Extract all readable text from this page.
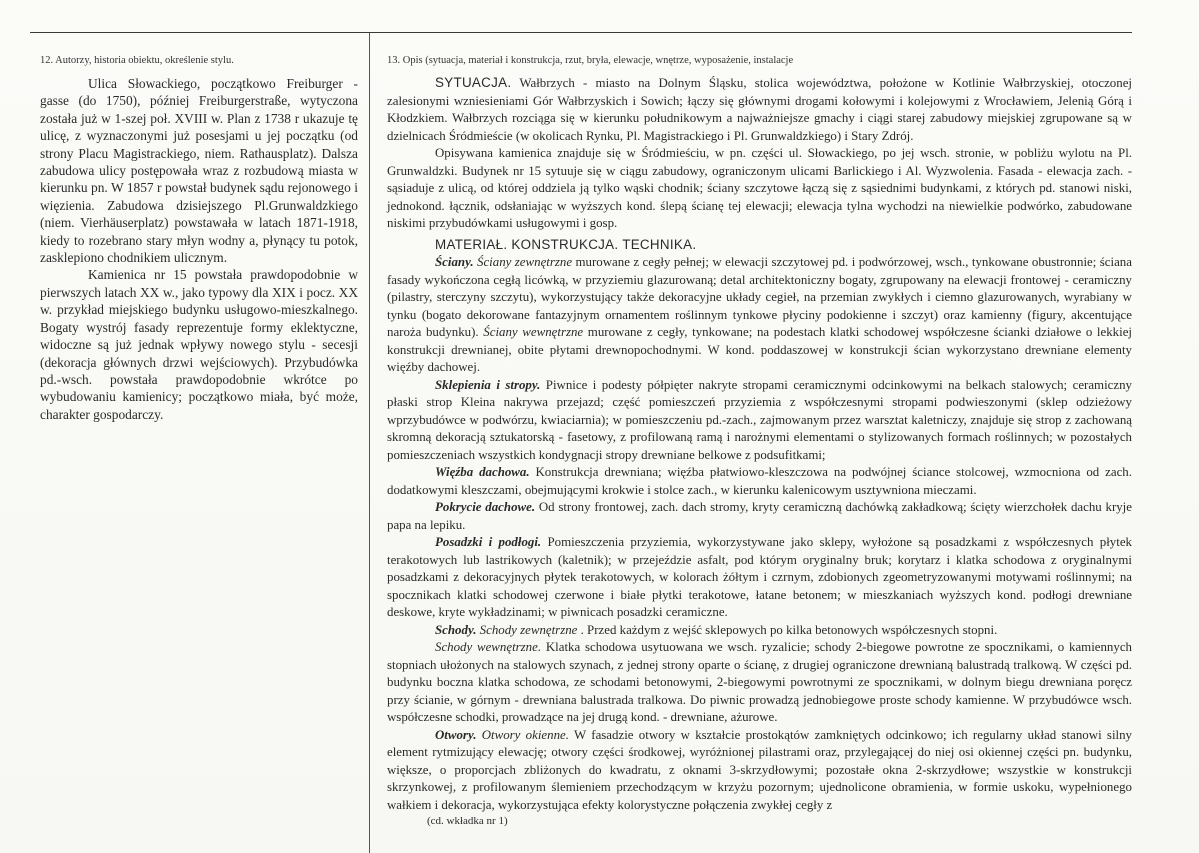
12. Autorzy, historia obiektu, określenie stylu.

Ulica Słowackiego, początkowo Freiburger - gasse (do 1750), później Freiburgerstraße, wytyczona została już w 1-szej poł. XVIII w. Plan z 1738 r ukazuje tę ulicę, z wyznaczonymi już posesjami u jej początku (od strony Placu Magistrackiego, niem. Rathausplatz). Dalsza zabudowa ulicy postępowała wraz z rozbudową miasta w kierunku pn. W 1857 r powstał budynek sądu rejonowego i więzienia. Zabudowa dzisiejszego Pl.Grunwaldzkiego (niem. Vierhäuserplatz) powstawała w latach 1871-1918, kiedy to rozebrano stary młyn wodny a, płynący tu potok, zasklepiono chodnikiem ulicznym.

Kamienica nr 15 powstała prawdopodobnie w pierwszych latach XX w., jako typowy dla XIX i pocz. XX w. przykład miejskiego budynku usługowo-mieszkalnego. Bogaty wystrój fasady reprezentuje formy eklektyczne, widoczne są już jednak wpływy nowego stylu - secesji (dekoracja głównych drzwi wejściowych). Przybudówka pd.-wsch. powstała prawdopodobnie wkrótce po wybudowaniu kamienicy; początkowo miała, być może, charakter gospodarczy.

13. Opis (sytuacja, materiał i konstrukcja, rzut, bryła, elewacje, wnętrze, wyposażenie, instalacje

SYTUACJA. Wałbrzych - miasto na Dolnym Śląsku, stolica województwa, położone w Kotlinie Wałbrzyskiej, otoczonej zalesionymi wzniesieniami Gór Wałbrzyskich i Sowich; łączy się głównymi drogami kołowymi i kolejowymi z Wrocławiem, Jelenią Górą i Kłodzkiem. Wałbrzych rozciąga się w kierunku południkowym a najważniejsze gmachy i ciągi starej zabudowy miejskiej zgrupowane są w dzielnicach Śródmieście (w okolicach Rynku, Pl. Magistrackiego i Pl. Grunwaldzkiego) i Stary Zdrój.

Opisywana kamienica znajduje się w Śródmieściu, w pn. części ul. Słowackiego, po jej wsch. stronie, w pobliżu wylotu na Pl. Grunwaldzki. Budynek nr 15 sytuuje się w ciągu zabudowy, ograniczonym ulicami Barlickiego i Al. Wyzwolenia. Fasada - elewacja zach. - sąsiaduje z ulicą, od której oddziela ją tylko wąski chodnik; ściany szczytowe łączą się z sąsiednimi budynkami, z których pd. stanowi niski, jednokond. łącznik, odsłaniając w wyższych kond. ślepą ścianę tej elewacji; elewacja tylna wychodzi na niewielkie podwórko, zabudowane niskimi przybudówkami usługowymi i gosp.

MATERIAŁ. KONSTRUKCJA. TECHNIKA.

Ściany. Ściany zewnętrzne murowane z cegły pełnej; w elewacji szczytowej pd. i podwórzowej, wsch., tynkowane obustronnie; ściana fasady wykończona cegłą licówką, w przyziemiu glazurowaną; detal architektoniczny bogaty, zgrupowany na elewacji frontowej - ceramiczny (pilastry, sterczyny szczytu), wykorzystujący także dekoracyjne układy cegieł, na przemian zwykłych i ciemno glazurowanych, wyrabiany w tynku (bogato dekorowane fantazyjnym ornamentem roślinnym tynkowe płyciny podokienne i szczyt) oraz kamienny (figury, akcentujące naroża budynku). Ściany wewnętrzne murowane z cegły, tynkowane; na podestach klatki schodowej współczesne ścianki działowe o lekkiej konstrukcji drewnianej, obite płytami drewnopochodnymi. W kond. poddaszowej w konstrukcji ścian wykorzystano drewniane elementy więźby dachowej.

Sklepienia i stropy. Piwnice i podesty półpięter nakryte stropami ceramicznymi odcinkowymi na belkach stalowych; ceramiczny płaski strop Kleina nakrywa przejazd; część pomieszczeń przyziemia z współczesnymi stropami podwieszonymi (sklep odzieżowy wprzybudówce w podwórzu, kwiaciarnia); w pomieszczeniu pd.-zach., zajmowanym przez warsztat kaletniczy, znajduje się strop z zachowaną skromną dekoracją sztukatorską - fasetowy, z profilowaną ramą i narożnymi elementami o stylizowanych formach roślinnych; w pozostałych pomieszczeniach wszystkich kondygnacji stropy drewniane belkowe z podsufitkami;

Więźba dachowa. Konstrukcja drewniana; więźba płatwiowo-kleszczowa na podwójnej ściance stolcowej, wzmocniona od zach. dodatkowymi kleszczami, obejmującymi krokwie i stolce zach., w kierunku kalenicowym usztywniona mieczami.

Pokrycie dachowe. Od strony frontowej, zach. dach stromy, kryty ceramiczną dachówką zakładkową; ścięty wierzchołek dachu kryje papa na lepiku.

Posadzki i podłogi. Pomieszczenia przyziemia, wykorzystywane jako sklepy, wyłożone są posadzkami z współczesnych płytek terakotowych lub lastrikowych (kaletnik); w przejeździe asfalt, pod którym oryginalny bruk; korytarz i klatka schodowa z oryginalnymi posadzkami z dekoracyjnych płytek terakotowych, w kolorach żółtym i czrnym, zdobionych zgeometryzowanymi motywami roślinnymi; na spocznikach klatki schodowej czerwone i białe płytki terakotowe, łatane betonem; w mieszkaniach wyższych kond. podłogi drewniane deskowe, kryte wykładzinami; w piwnicach posadzki ceramiczne.

Schody. Schody zewnętrzne . Przed każdym z wejść sklepowych po kilka betonowych współczesnych stopni.

Schody wewnętrzne. Klatka schodowa usytuowana we wsch. ryzalicie; schody 2-biegowe powrotne ze spocznikami, o kamiennych stopniach ułożonych na stalowych szynach, z jednej strony oparte o ścianę, z drugiej ograniczone drewnianą balustradą tralkową. W części pd. budynku boczna klatka schodowa, ze schodami betonowymi, 2-biegowymi powrotnymi ze spocznikami, w dolnym biegu drewniana poręcz przy ścianie, w górnym - drewniana balustrada tralkowa. Do piwnic prowadzą jednobiegowe proste schody kamienne. W przybudówce wsch. współczesne schodki, prowadzące na jej drugą kond. - drewniane, ażurowe.

Otwory. Otwory okienne. W fasadzie otwory w kształcie prostokątów zamkniętych odcinkowo; ich regularny układ stanowi silny element rytmizujący elewację; otwory części środkowej, wyróżnionej pilastrami oraz, przylegającej do niej osi okiennej części pn. budynku, większe, o proporcjach zbliżonych do kwadratu, z oknami 3-skrzydłowymi; pozostałe okna 2-skrzydłowe; wszystkie w konstrukcji skrzynkowej, z profilowanym ślemieniem przechodzącym w krzyżu pozornym; ujednolicone obramienia, w formie uskoku, wypełnionego wałkiem i dekoracja, wykorzystująca efekty kolorystyczne połączenia zwykłej cegły z

(cd. wkładka nr 1)
